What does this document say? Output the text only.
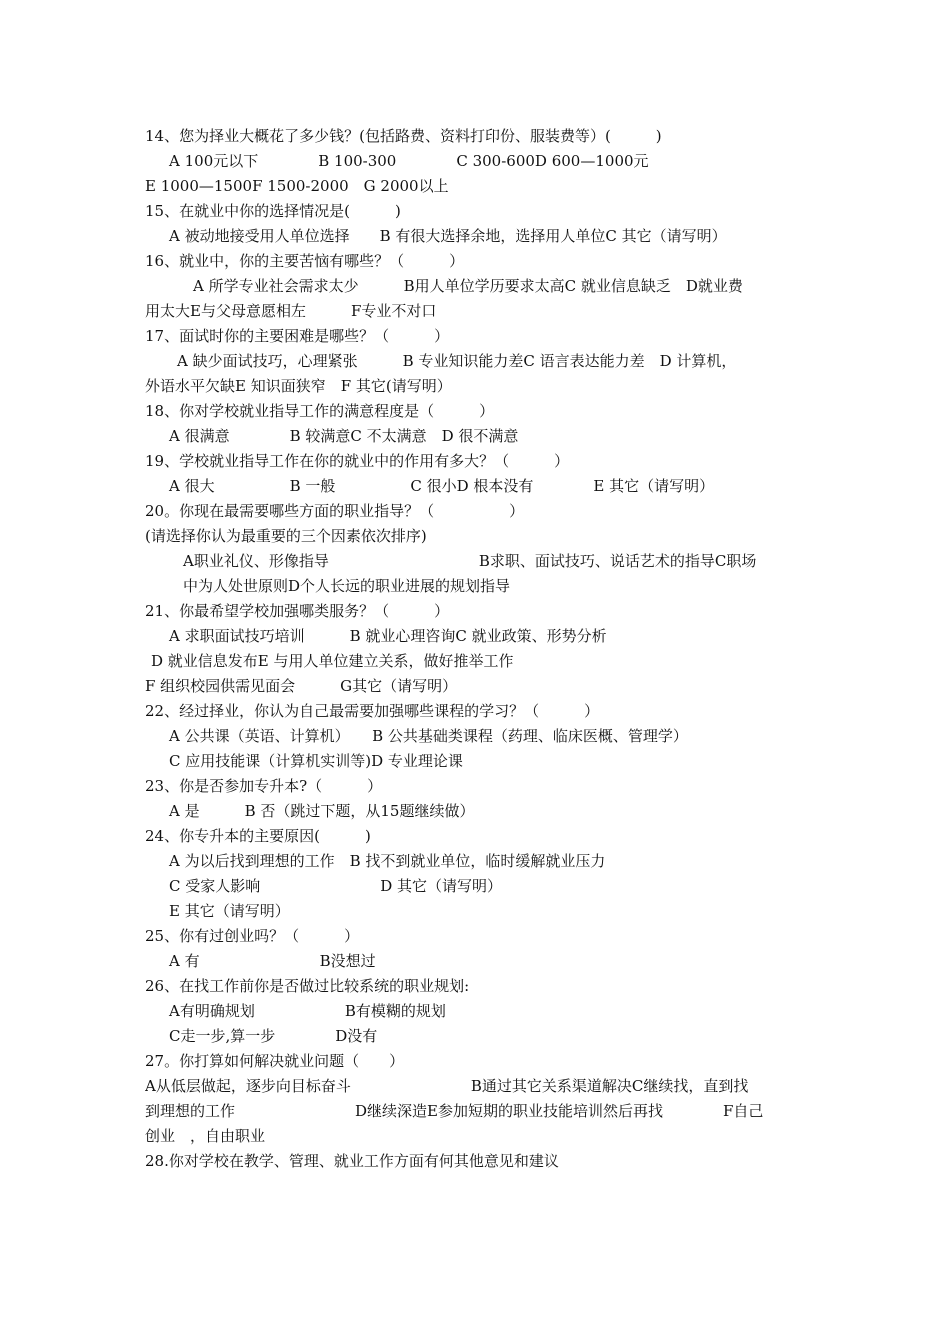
14、您为择业大概花了多少钱？(包括路费、资料打印份、服装费等）(　　　)
A 100元以下　　　　B 100-300　　　　C 300-600D 600—1000元
E 1000—1500F 1500-2000　G 2000以上
15、在就业中你的选择情况是(　　　)
A 被动地接受用人单位选择　　B 有很大选择余地，选择用人单位C 其它（请写明）
16、就业中，你的主要苦恼有哪些？（　　　）
A 所学专业社会需求太少　　　B用人单位学历要求太高C 就业信息缺乏　D就业费
用太大E与父母意愿相左　　　F专业不对口
17、面试时你的主要困难是哪些？（　　　）
A 缺少面试技巧，心理紧张　　　B 专业知识能力差C 语言表达能力差　D 计算机，
外语水平欠缺E 知识面狭窄　F 其它(请写明）
18、你对学校就业指导工作的满意程度是（　　　）
A 很满意　　　　B 较满意C 不太满意　D 很不满意
19、学校就业指导工作在你的就业中的作用有多大？（　　　）
A 很大　　　　　B 一般　　　　　C 很小D 根本没有　　　　E 其它（请写明）
20。你现在最需要哪些方面的职业指导？（　　　　　）
(请选择你认为最重要的三个因素依次排序)
A职业礼仪、形像指导　　　　　　　　　　B求职、面试技巧、说话艺术的指导C职场
中为人处世原则D个人长远的职业进展的规划指导
21、你最希望学校加强哪类服务？（　　　）
A 求职面试技巧培训　　　B 就业心理咨询C 就业政策、形势分析
D 就业信息发布E 与用人单位建立关系，做好推举工作
F 组织校园供需见面会　　　G其它（请写明）
22、经过择业，你认为自己最需要加强哪些课程的学习？（　　　）
A 公共课（英语、计算机）　　B 公共基础类课程（药理、临床医概、管理学）
C 应用技能课（计算机实训等)D 专业理论课
23、你是否参加专升本?（　　　）
A 是　　　B 否（跳过下题，从15题继续做）
24、你专升本的主要原因(　　　)
A 为以后找到理想的工作　B 找不到就业单位，临时缓解就业压力
C 受家人影响　　　　　　　　D 其它（请写明）
E 其它（请写明）
25、你有过创业吗？（　　　）
A 有　　　　　　　　B没想过
26、在找工作前你是否做过比较系统的职业规划:
A有明确规划　　　　　　B有模糊的规划
C走一步,算一步　　　　D没有
27。你打算如何解决就业问题（　　）
A从低层做起，逐步向目标奋斗　　　　　　　　B通过其它关系渠道解决C继续找，直到找
到理想的工作　　　　　　　　D继续深造E参加短期的职业技能培训然后再找　　　　F自己
创业　，自由职业
28.你对学校在教学、管理、就业工作方面有何其他意见和建议
